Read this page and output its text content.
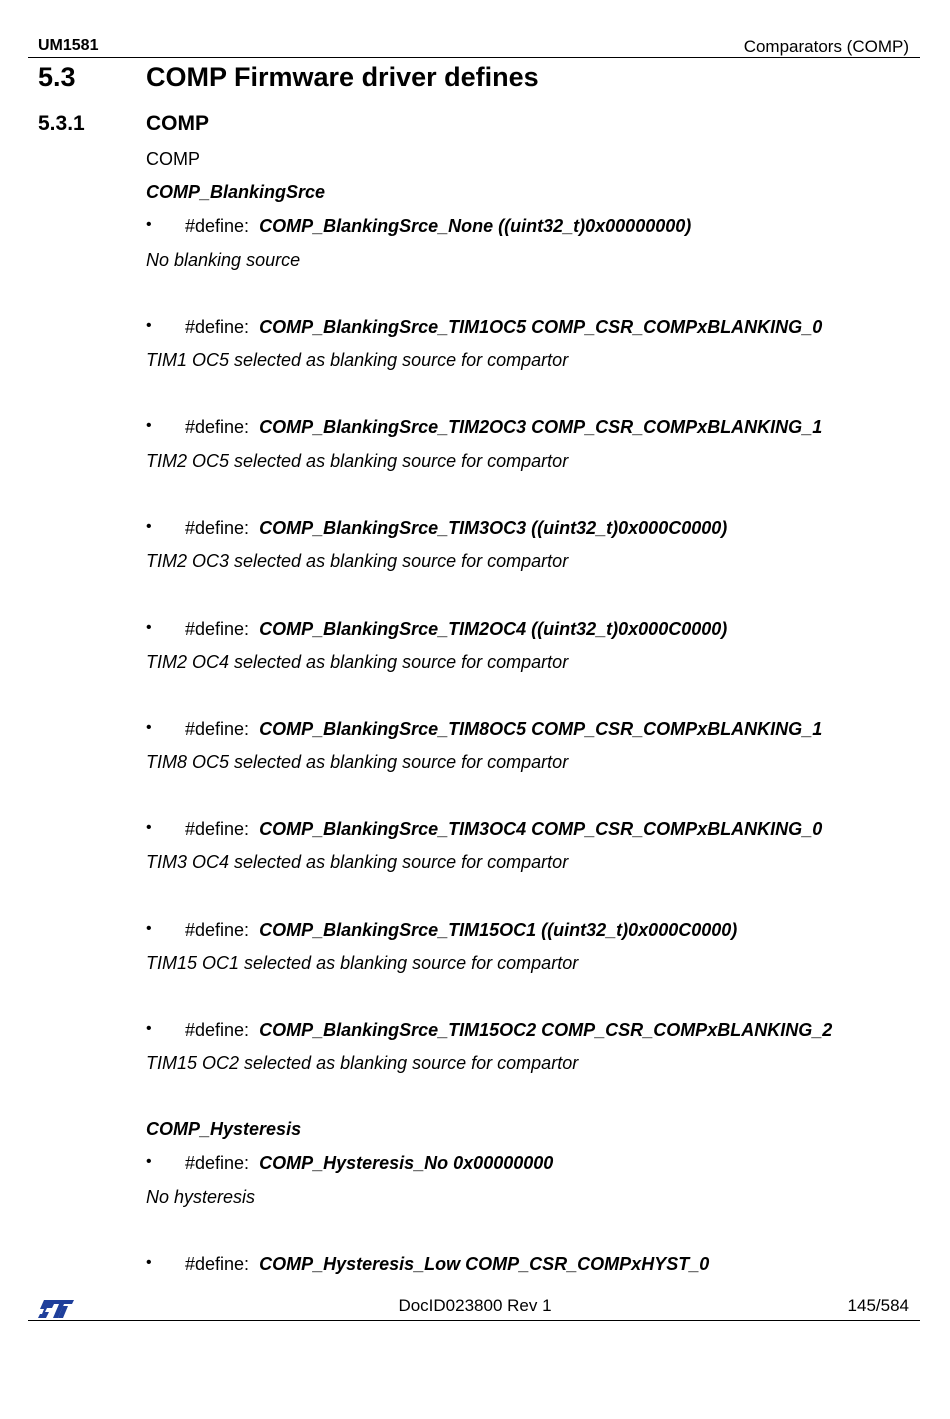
UM1581	Comparators (COMP)
5.3	COMP Firmware driver defines
5.3.1	COMP
COMP
COMP_BlankingSrce
• #define: COMP_BlankingSrce_None ((uint32_t)0x00000000)
No blanking source
• #define: COMP_BlankingSrce_TIM1OC5 COMP_CSR_COMPxBLANKING_0
TIM1 OC5 selected as blanking source for compartor
• #define: COMP_BlankingSrce_TIM2OC3 COMP_CSR_COMPxBLANKING_1
TIM2 OC5 selected as blanking source for compartor
• #define: COMP_BlankingSrce_TIM3OC3 ((uint32_t)0x000C0000)
TIM2 OC3 selected as blanking source for compartor
• #define: COMP_BlankingSrce_TIM2OC4 ((uint32_t)0x000C0000)
TIM2 OC4 selected as blanking source for compartor
• #define: COMP_BlankingSrce_TIM8OC5 COMP_CSR_COMPxBLANKING_1
TIM8 OC5 selected as blanking source for compartor
• #define: COMP_BlankingSrce_TIM3OC4 COMP_CSR_COMPxBLANKING_0
TIM3 OC4 selected as blanking source for compartor
• #define: COMP_BlankingSrce_TIM15OC1 ((uint32_t)0x000C0000)
TIM15 OC1 selected as blanking source for compartor
• #define: COMP_BlankingSrce_TIM15OC2 COMP_CSR_COMPxBLANKING_2
TIM15 OC2 selected as blanking source for compartor
COMP_Hysteresis
• #define: COMP_Hysteresis_No 0x00000000
No hysteresis
• #define: COMP_Hysteresis_Low COMP_CSR_COMPxHYST_0
DocID023800 Rev 1	145/584
